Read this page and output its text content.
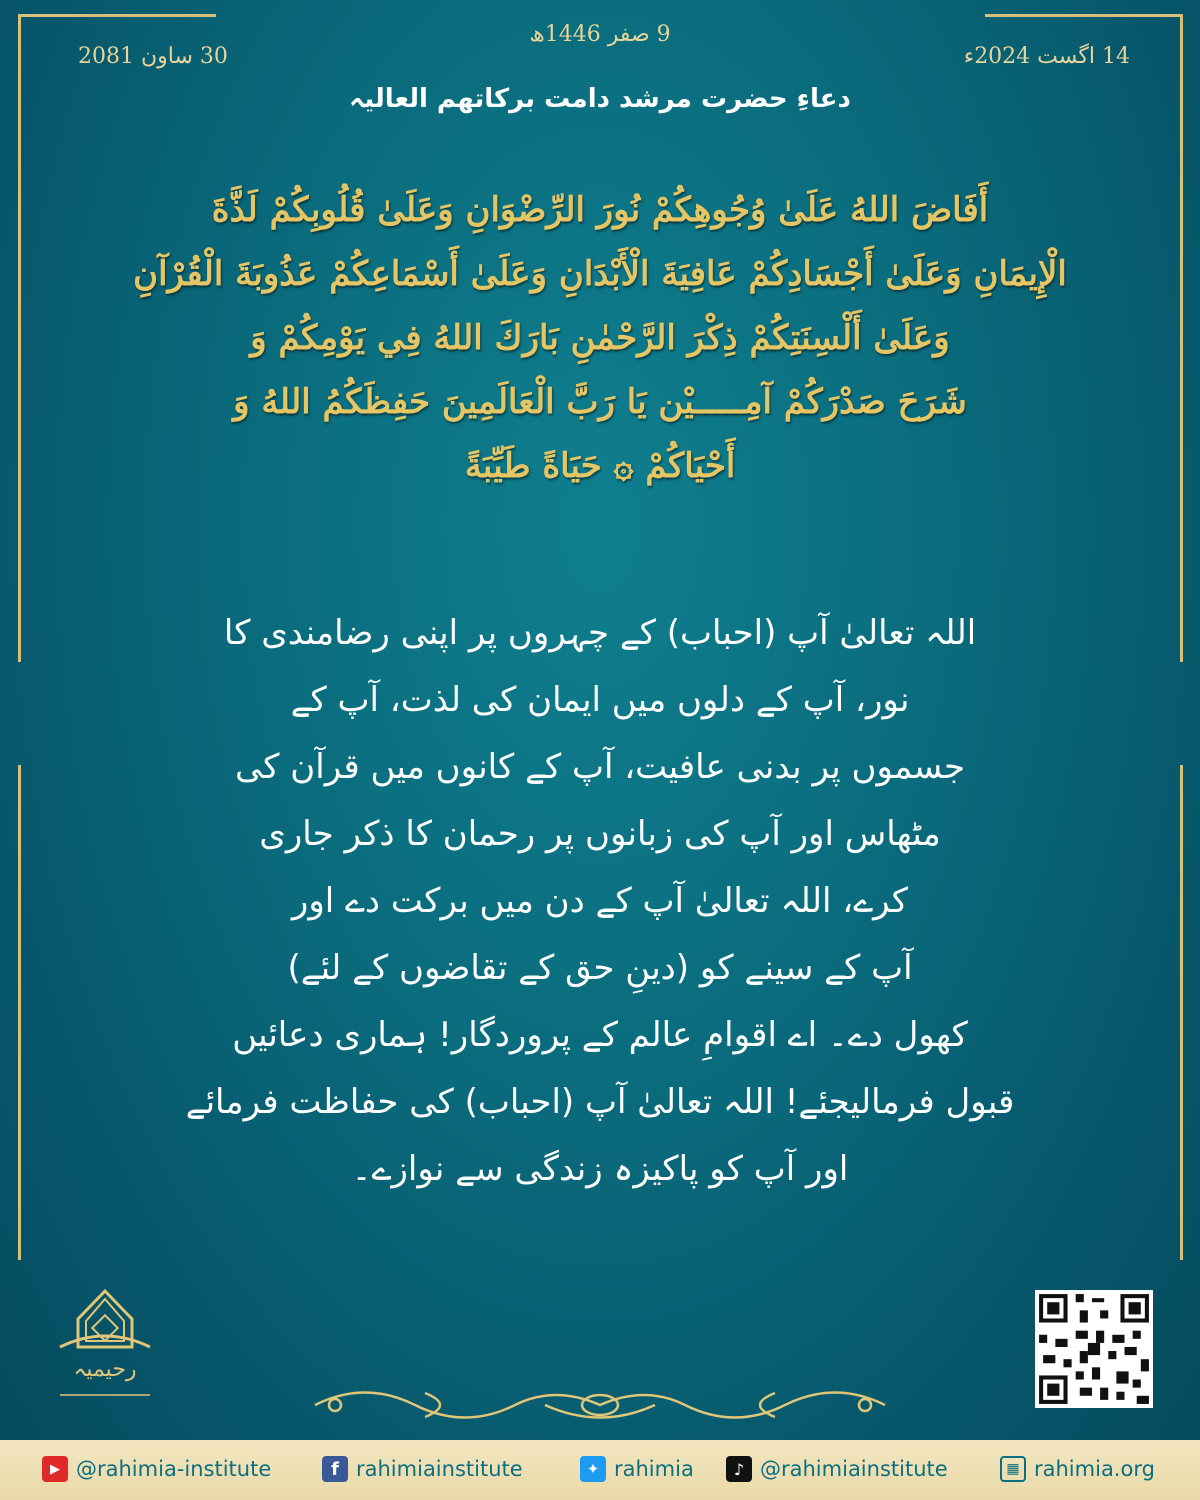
14 اگست 2024ء
9 صفر 1446ھ
30 ساون 2081
دعاءِ حضرت مرشد دامت برکاتھم العالیہ
أَفَاضَ اللهُ عَلَىٰ وُجُوهِكُمْ نُورَ الرِّضْوَانِ وَعَلَىٰ قُلُوبِكُمْ لَذَّةَ
الْإِيمَانِ وَعَلَىٰ أَجْسَادِكُمْ عَافِيَةَ الْأَبْدَانِ وَعَلَىٰ أَسْمَاعِكُمْ عَذُوبَةَ الْقُرْآنِ
وَعَلَىٰ أَلْسِنَتِكُمْ ذِكْرَ الرَّحْمٰنِ بَارَكَ اللهُ فِي يَوْمِكُمْ وَ
شَرَحَ صَدْرَكُمْ آمِـــــيْن يَا رَبَّ الْعَالَمِينَ حَفِظَكُمُ اللهُ وَ
أَحْيَاكُمْ ۞ حَيَاةً طَيِّبَةً
اللہ تعالیٰ آپ (احباب) کے چہروں پر اپنی رضامندی کا
نور، آپ کے دلوں میں ایمان کی لذت، آپ کے
جسموں پر بدنی عافیت، آپ کے کانوں میں قرآن کی
مٹھاس اور آپ کی زبانوں پر رحمان کا ذکر جاری
کرے، اللہ تعالیٰ آپ کے دن میں برکت دے اور
آپ کے سینے کو (دینِ حق کے تقاضوں کے لئے)
کھول دے۔ اے اقوامِ عالم کے پروردگار! ہماری دعائیں
قبول فرمالیجئے! اللہ تعالیٰ آپ (احباب) کی حفاظت فرمائے
اور آپ کو پاکیزہ زندگی سے نوازے۔
رحیمیہ
▶ @rahimia-institute	f rahimiainstitute	✦ rahimia	♪ @rahimiainstitute	▦ rahimia.org
